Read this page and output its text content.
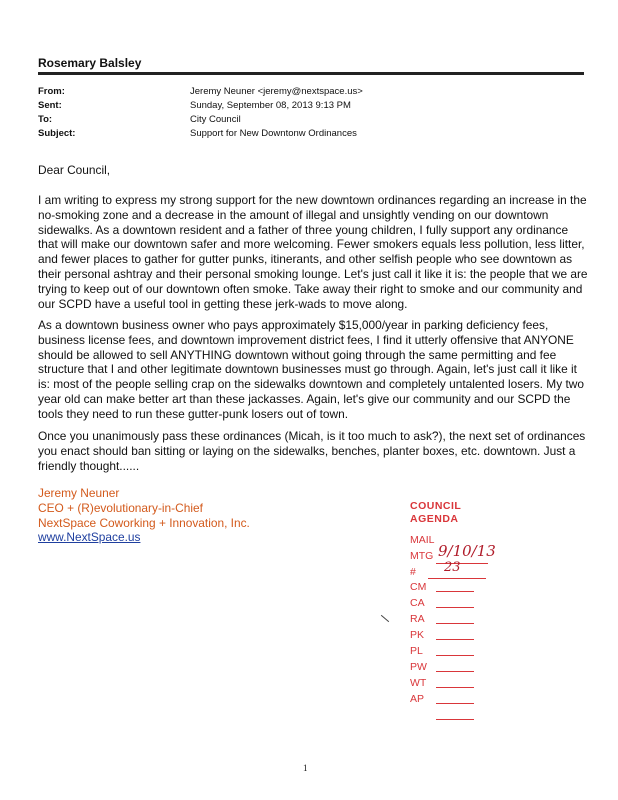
Rosemary Balsley
From:	Jeremy Neuner <jeremy@nextspace.us>
Sent:	Sunday, September 08, 2013 9:13 PM
To:	City Council
Subject:	Support for New Downtonw Ordinances
Dear Council,
I am writing to express my strong support for the new downtown ordinances regarding an increase in the no-smoking zone and a decrease in the amount of illegal and unsightly vending on our downtown sidewalks. As a downtown resident and a father of three young children, I fully support any ordinance that will make our downtown safer and more welcoming. Fewer smokers equals less pollution, less litter, and fewer places to gather for gutter punks, itinerants, and other selfish people who see downtown as their personal ashtray and their personal smoking lounge. Let's just call it like it is: the people that we are trying to keep out of our downtown often smoke. Take away their right to smoke and our community and our SCPD have a useful tool in getting these jerk-wads to move along.
As a downtown business owner who pays approximately $15,000/year in parking deficiency fees, business license fees, and downtown improvement district fees, I find it utterly offensive that ANYONE should be allowed to sell ANYTHING downtown without going through the same permitting and fee structure that I and other legitimate downtown businesses must go through. Again, let's just call it like it is: most of the people selling crap on the sidewalks downtown and completely untalented losers. My two year old can make better art than these jackasses. Again, let's give our community and our SCPD the tools they need to run these gutter-punk losers out of town.
Once you unanimously pass these ordinances (Micah, is it too much to ask?), the next set of ordinances you enact should ban sitting or laying on the sidewalks, benches, planter boxes, etc. downtown. Just a friendly thought......
Jeremy Neuner
CEO + (R)evolutionary-in-Chief
NextSpace Coworking + Innovation, Inc.
www.NextSpace.us
COUNCIL
AGENDA
MAIL
MTG 9/10/13
# 23
CM
CA
RA
PK
PL
PW
WT
AP
1
